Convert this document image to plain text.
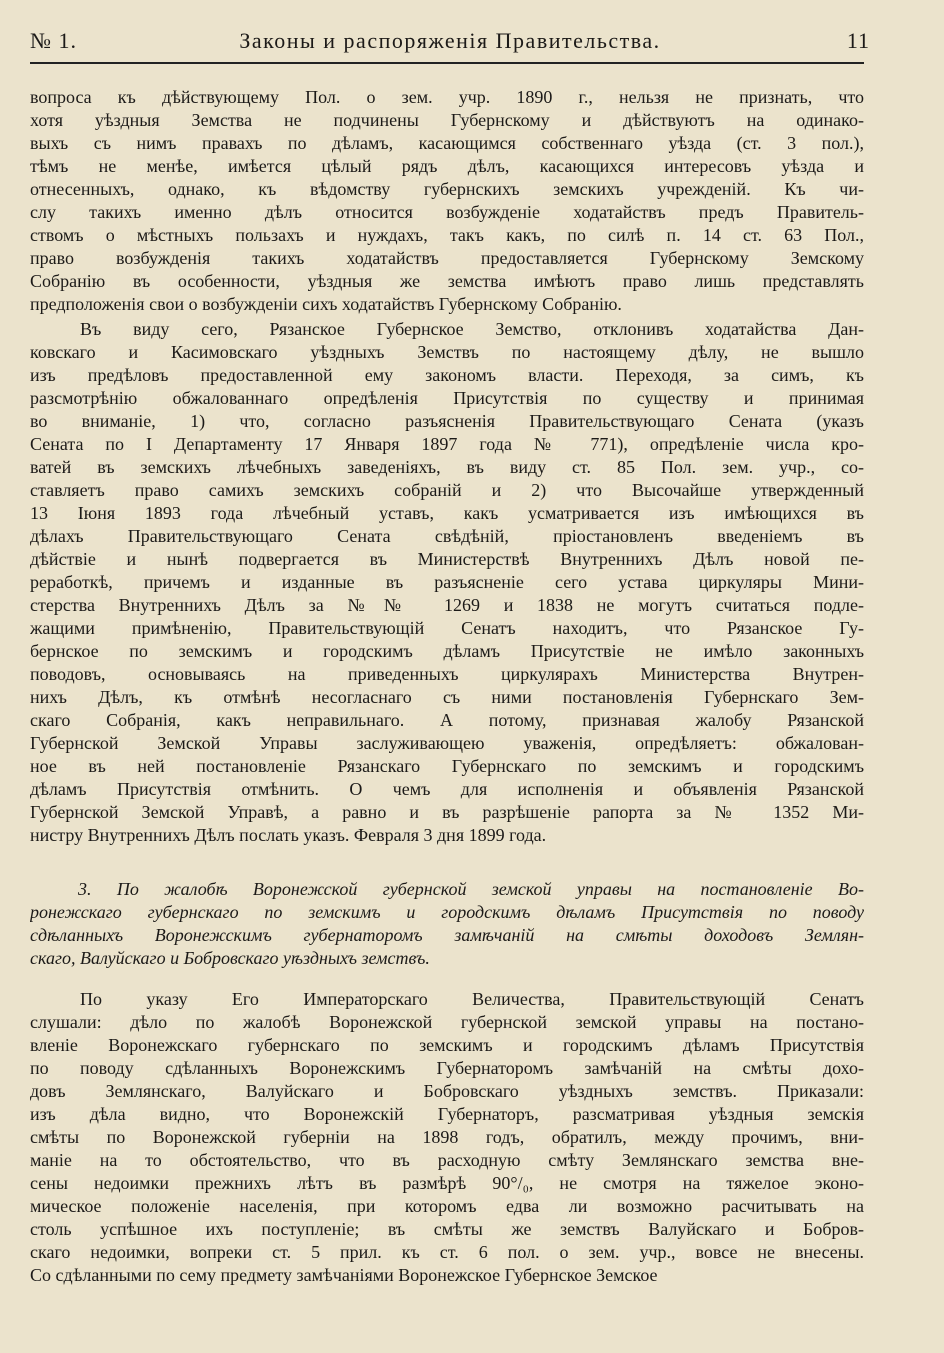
№ 1.	Законы и распоряженія Правительства.	11
вопроса къ дѣйствующему Пол. о зем. учр. 1890 г., нельзя не признать, что
хотя уѣздныя Земства не подчинены Губернскому и дѣйствуютъ на одинако-
выхъ съ нимъ правахъ по дѣламъ, касающимся собственнаго уѣзда (ст. 3 пол.),
тѣмъ не менѣе, имѣется цѣлый рядъ дѣлъ, касающихся интересовъ уѣзда и
отнесенныхъ, однако, къ вѣдомству губернскихъ земскихъ учрежденій. Къ чи-
слу такихъ именно дѣлъ относится возбужденіе ходатайствъ предъ Правитель-
ствомъ о мѣстныхъ пользахъ и нуждахъ, такъ какъ, по силѣ п. 14 ст. 63 Пол.,
право возбужденія такихъ ходатайствъ предоставляется Губернскому Земскому
Собранію въ особенности, уѣздныя же земства имѣютъ право лишь представлять
предположенія свои о возбужденіи сихъ ходатайствъ Губернскому Собранію.
Въ виду сего, Рязанское Губернское Земство, отклонивъ ходатайства Дан-
ковскаго и Касимовскаго уѣздныхъ Земствъ по настоящему дѣлу, не вышло
изъ предѣловъ предоставленной ему закономъ власти. Переходя, за симъ, къ
разсмотрѣнію обжалованнаго опредѣленія Присутствія по существу и принимая
во вниманіе, 1) что, согласно разъясненія Правительствующаго Сената (указъ
Сената по I Департаменту 17 Января 1897 года № 771), опредѣленіе числа кро-
ватей въ земскихъ лѣчебныхъ заведеніяхъ, въ виду ст. 85 Пол. зем. учр., со-
ставляетъ право самихъ земскихъ собраній и 2) что Высочайше утвержденный
13 Іюня 1893 года лѣчебный уставъ, какъ усматривается изъ имѣющихся въ
дѣлахъ Правительствующаго Сената свѣдѣній, пріостановленъ введеніемъ въ
дѣйствіе и нынѣ подвергается въ Министерствѣ Внутреннихъ Дѣлъ новой пе-
реработкѣ, причемъ и изданные въ разъясненіе сего устава циркуляры Мини-
стерства Внутреннихъ Дѣлъ за №№ 1269 и 1838 не могутъ считаться подле-
жащими примѣненію, Правительствующій Сенатъ находитъ, что Рязанское Гу-
бернское по земскимъ и городскимъ дѣламъ Присутствіе не имѣло законныхъ
поводовъ, основываясь на приведенныхъ циркулярахъ Министерства Внутрен-
нихъ Дѣлъ, къ отмѣнѣ несогласнаго съ ними постановленія Губернскаго Зем-
скаго Собранія, какъ неправильнаго. А потому, признавая жалобу Рязанской
Губернской Земской Управы заслуживающею уваженія, опредѣляетъ: обжалован-
ное въ ней постановленіе Рязанскаго Губернскаго по земскимъ и городскимъ
дѣламъ Присутствія отмѣнить. О чемъ для исполненія и объявленія Рязанской
Губернской Земской Управѣ, а равно и въ разрѣшеніе рапорта за № 1352 Ми-
нистру Внутреннихъ Дѣлъ послать указъ. Февраля 3 дня 1899 года.
3. По жалобѣ Воронежской губернской земской управы на постановленіе Во-
ронежскаго губернскаго по земскимъ и городскимъ дѣламъ Присутствія по поводу
сдѣланныхъ Воронежскимъ губернаторомъ замѣчаній на смѣты доходовъ Землян-
скаго, Валуйскаго и Бобровскаго уѣздныхъ земствъ.
По указу Его Императорскаго Величества, Правительствующій Сенатъ
слушали: дѣло по жалобѣ Воронежской губернской земской управы на постано-
вленіе Воронежскаго губернскаго по земскимъ и городскимъ дѣламъ Присутствія
по поводу сдѣланныхъ Воронежскимъ Губернаторомъ замѣчаній на смѣты дохо-
довъ Землянскаго, Валуйскаго и Бобровскаго уѣздныхъ земствъ. Приказали:
изъ дѣла видно, что Воронежскій Губернаторъ, разсматривая уѣздныя земскія
смѣты по Воронежской губерніи на 1898 годъ, обратилъ, между прочимъ, вни-
маніе на то обстоятельство, что въ расходную смѣту Землянскаго земства вне-
сены недоимки прежнихъ лѣтъ въ размѣрѣ 90°/₀, не смотря на тяжелое эконо-
мическое положеніе населенія, при которомъ едва ли возможно расчитывать на
столь успѣшное ихъ поступленіе; въ смѣты же земствъ Валуйскаго и Бобров-
скаго недоимки, вопреки ст. 5 прил. къ ст. 6 пол. о зем. учр., вовсе не внесены.
Со сдѣланными по сему предмету замѣчаніями Воронежское Губернское Земское
